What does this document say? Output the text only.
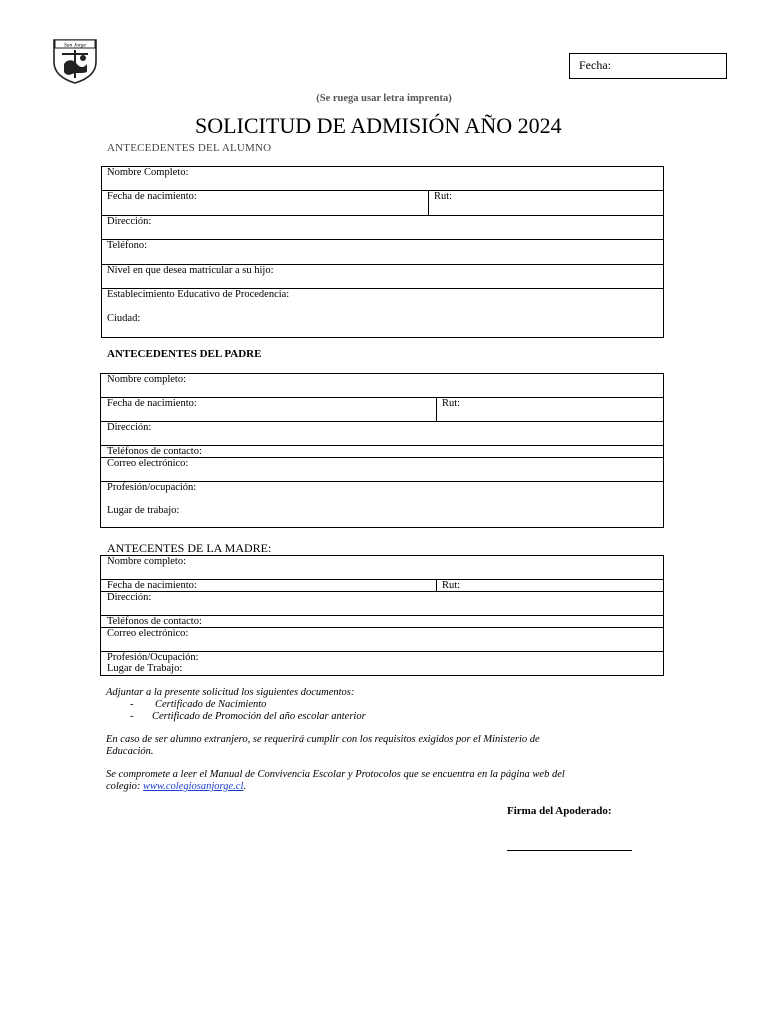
San Jorge
Fecha:
(Se ruega usar letra imprenta)
SOLICITUD DE ADMISIÓN AÑO 2024
ANTECEDENTES DEL ALUMNO
Nombre Completo:
Fecha de nacimiento:	Rut:
Dirección:
Teléfono:
Nivel en que desea matricular a su hijo:
Establecimiento Educativo de Procedencia:
Ciudad:
ANTECEDENTES DEL PADRE
Nombre completo:
Fecha de nacimiento:	Rut:
Dirección:
Teléfonos de contacto:
Correo electrónico:
Profesión/ocupación:
Lugar de trabajo:
ANTECENTES DE LA MADRE:
Nombre completo:
Fecha de nacimiento:	Rut:
Dirección:
Teléfonos de contacto:
Correo electrónico:
Profesión/Ocupación:
Lugar de Trabajo:
Adjuntar a la presente solicitud los siguientes documentos:
- Certificado de Nacimiento
- Certificado de Promoción del año escolar anterior
En caso de ser alumno extranjero, se requerirá cumplir con los requisitos exigidos por el Ministerio de
Educación.
Se compromete a leer el Manual de Convivencia Escolar y Protocolos que se encuentra en la página web del
colegio: www.colegiosanjorge.cl.
Firma del Apoderado:
